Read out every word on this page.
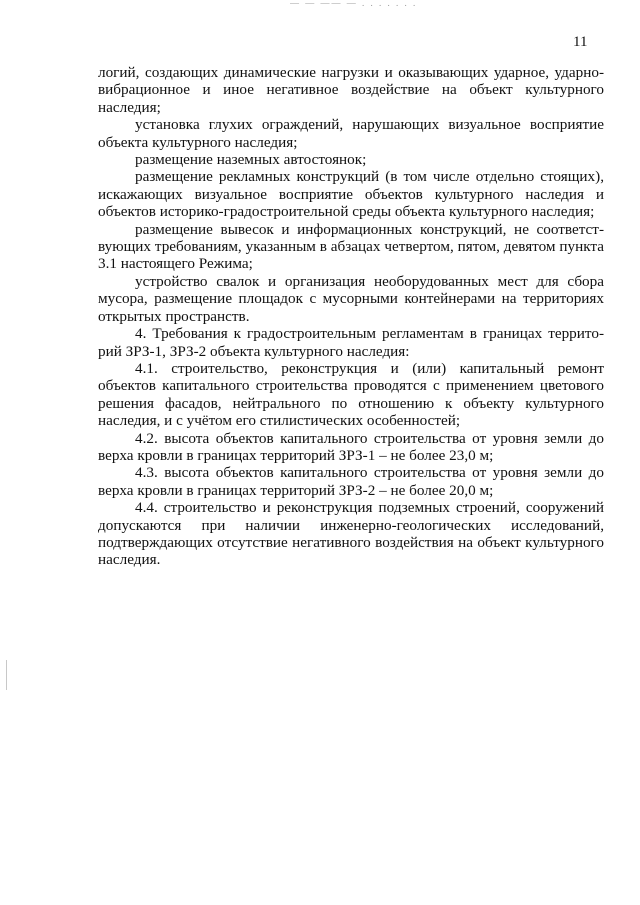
— — —— — . . . . . . .
11

логий, создающих динамические нагрузки и оказывающих ударное, ударно-вибрационное и иное негативное воздействие на объект культурного наследия;

установка глухих ограждений, нарушающих визуальное восприятие объекта культурного наследия;

размещение наземных автостоянок;

размещение рекламных конструкций (в том числе отдельно стоящих), искажающих визуальное восприятие объектов культурного наследия и объектов историко-градостроительной среды объекта культурного наследия;

размещение вывесок и информационных конструкций, не соответст-вующих требованиям, указанным в абзацах четвертом, пятом, девятом пункта 3.1 настоящего Режима;

устройство свалок и организация необорудованных мест для сбора мусора, размещение площадок с мусорными контейнерами на территориях открытых пространств.

4. Требования к градостроительным регламентам в границах террито-рий ЗРЗ-1, ЗРЗ-2 объекта культурного наследия:

4.1. строительство, реконструкция и (или) капитальный ремонт объектов капитального строительства проводятся с применением цветового решения фасадов, нейтрального по отношению к объекту культурного наследия, и с учётом его стилистических особенностей;

4.2. высота объектов капитального строительства от уровня земли до верха кровли в границах территорий ЗРЗ-1 – не более 23,0 м;

4.3. высота объектов капитального строительства от уровня земли до верха кровли в границах территорий ЗРЗ-2 – не более 20,0 м;

4.4. строительство и реконструкция подземных строений, сооружений допускаются при наличии инженерно-геологических исследований, подтверждающих отсутствие негативного воздействия на объект культурного наследия.
